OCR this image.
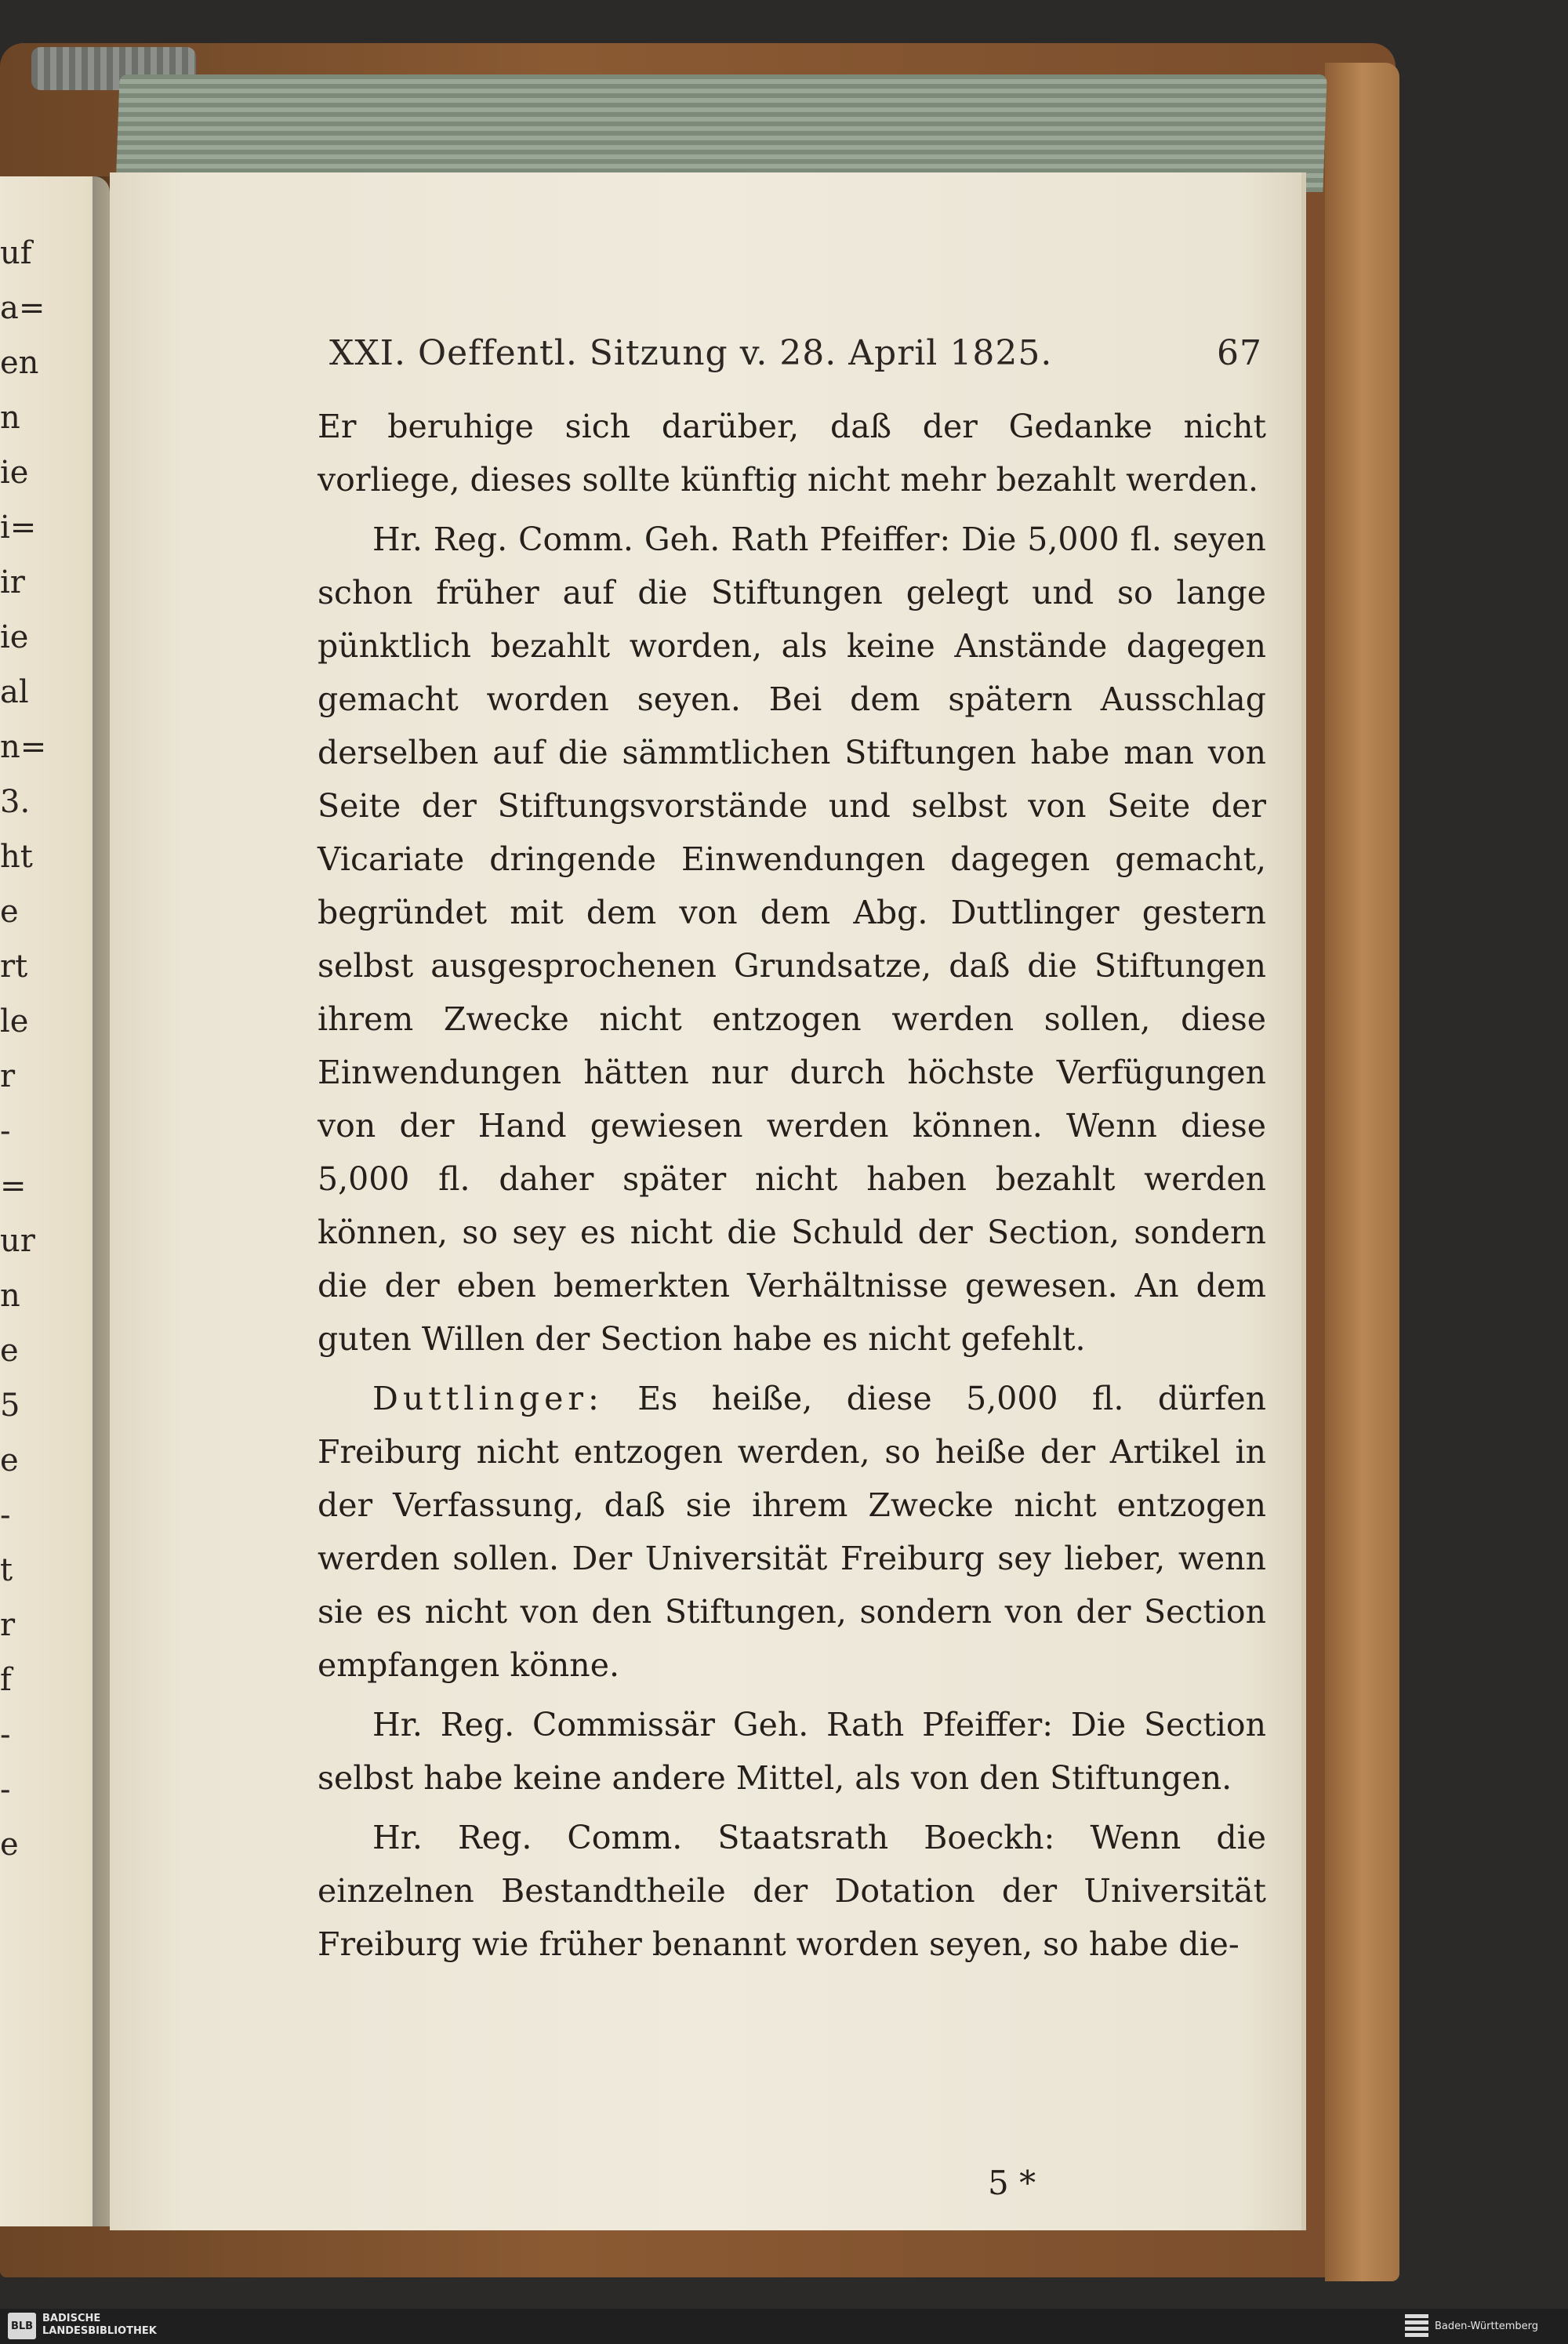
uf
a=
en
n
ie
i=
ir
ie
al
n=
3.
ht
e
rt
le
r
-
=
ur
n
e
5
e
-
t
r
f
-
-
e
XXI. Oeffentl. Sitzung v. 28. April 1825.	67

Er beruhige sich darüber, daß der Gedanke nicht vorliege, dieses sollte künftig nicht mehr bezahlt werden.

Hr. Reg. Comm. Geh. Rath Pfeiffer: Die 5,000 fl. seyen schon früher auf die Stiftungen gelegt und so lange pünktlich bezahlt worden, als keine Anstände dagegen gemacht worden seyen. Bei dem spätern Ausschlag derselben auf die sämmtlichen Stiftungen habe man von Seite der Stiftungsvorstände und selbst von Seite der Vicariate dringende Einwendungen dagegen gemacht, begründet mit dem von dem Abg. Duttlinger gestern selbst ausgesprochenen Grundsatze, daß die Stiftungen ihrem Zwecke nicht entzogen werden sollen, diese Einwendungen hätten nur durch höchste Verfügungen von der Hand gewiesen werden können. Wenn diese 5,000 fl. daher später nicht haben bezahlt werden können, so sey es nicht die Schuld der Section, sondern die der eben bemerkten Verhältnisse gewesen. An dem guten Willen der Section habe es nicht gefehlt.

Duttlinger: Es heiße, diese 5,000 fl. dürfen Freiburg nicht entzogen werden, so heiße der Artikel in der Verfassung, daß sie ihrem Zwecke nicht entzogen werden sollen. Der Universität Freiburg sey lieber, wenn sie es nicht von den Stiftungen, sondern von der Section empfangen könne.

Hr. Reg. Commissär Geh. Rath Pfeiffer: Die Section selbst habe keine andere Mittel, als von den Stiftungen.

Hr. Reg. Comm. Staatsrath Boeckh: Wenn die einzelnen Bestandtheile der Dotation der Universität Freiburg wie früher benannt worden seyen, so habe die-

5 *
BLB
BADISCHE
LANDESBIBLIOTHEK	Baden-Württemberg
